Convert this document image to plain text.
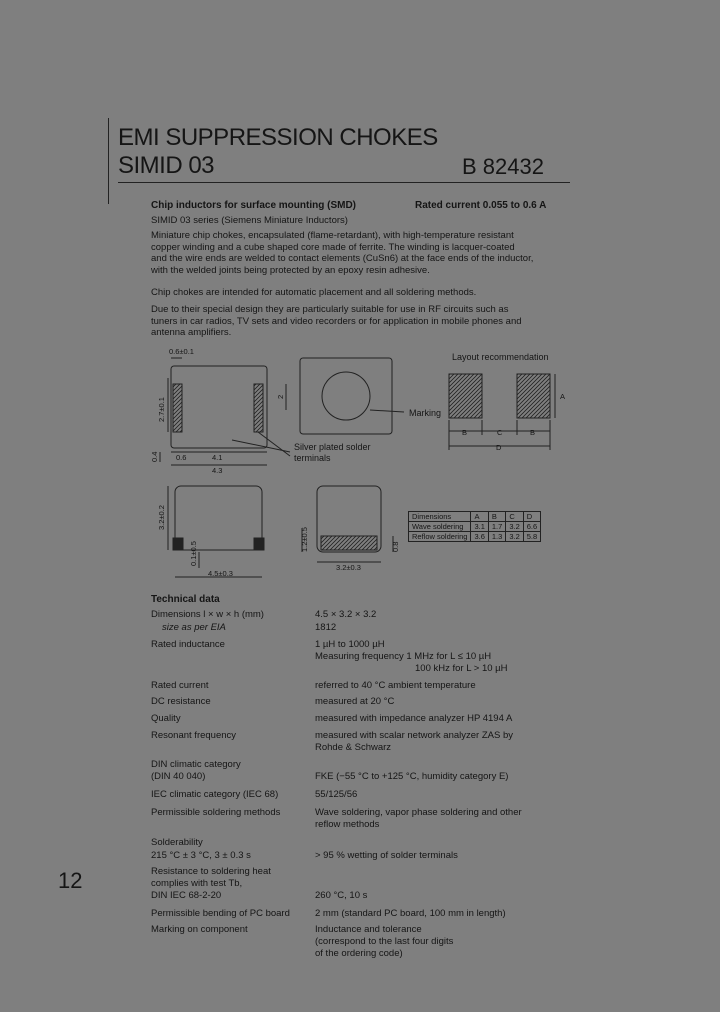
EMI SUPPRESSION CHOKES
SIMID 03	B 82432
Chip inductors for surface mounting (SMD)	Rated current 0.055 to 0.6 A
SIMID 03 series (Siemens Miniature Inductors)
Miniature chip chokes, encapsulated (flame-retardant), with high-temperature resistant
copper winding and a cube shaped core made of ferrite. The winding is lacquer-coated
and the wire ends are welded to contact elements (CuSn6) at the face ends of the inductor,
with the welded joints being protected by an epoxy resin adhesive.
Chip chokes are intended for automatic placement and all soldering methods.
Due to their special design they are particularly suitable for use in RF circuits such as
tuners in car radios, TV sets and video recorders or for application in mobile phones and
antenna amplifiers.
0.6±0.1
2.7±0.1
0.4 0.6	4.1
4.3
2
Marking
Silver plated solder
terminals
Layout recommendation
A
B	C	B
D
3.2±0.2
0.1±0.5
4.5±0.3
1.2±0.5	0.8
3.2±0.3
Dimensions	A	B	C	D
Wave soldering	3.1	1.7	3.2	6.6
Reflow soldering	3.6	1.3	3.2	5.8
Technical data
Dimensions l × w × h (mm)	4.5 × 3.2 × 3.2
size as per EIA	1812
Rated inductance	1 µH to 1000 µH
Measuring frequency 1 MHz for L ≤ 10 µH
100 kHz for L > 10 µH
Rated current	referred to 40 °C ambient temperature
DC resistance	measured at 20 °C
Quality	measured with impedance analyzer HP 4194 A
Resonant frequency	measured with scalar network analyzer ZAS by
Rohde & Schwarz
DIN climatic category
(DIN 40 040)	FKE (−55 °C to +125 °C, humidity category E)
IEC climatic category (IEC 68)	55/125/56
Permissible soldering methods	Wave soldering, vapor phase soldering and other
reflow methods
Solderability
215 °C ± 3 °C, 3 ± 0.3 s	> 95 % wetting of solder terminals
Resistance to soldering heat
complies with test Tb,
DIN IEC 68-2-20	260 °C, 10 s
Permissible bending of PC board	2 mm (standard PC board, 100 mm in length)
Marking on component	Inductance and tolerance
(correspond to the last four digits
of the ordering code)
12
